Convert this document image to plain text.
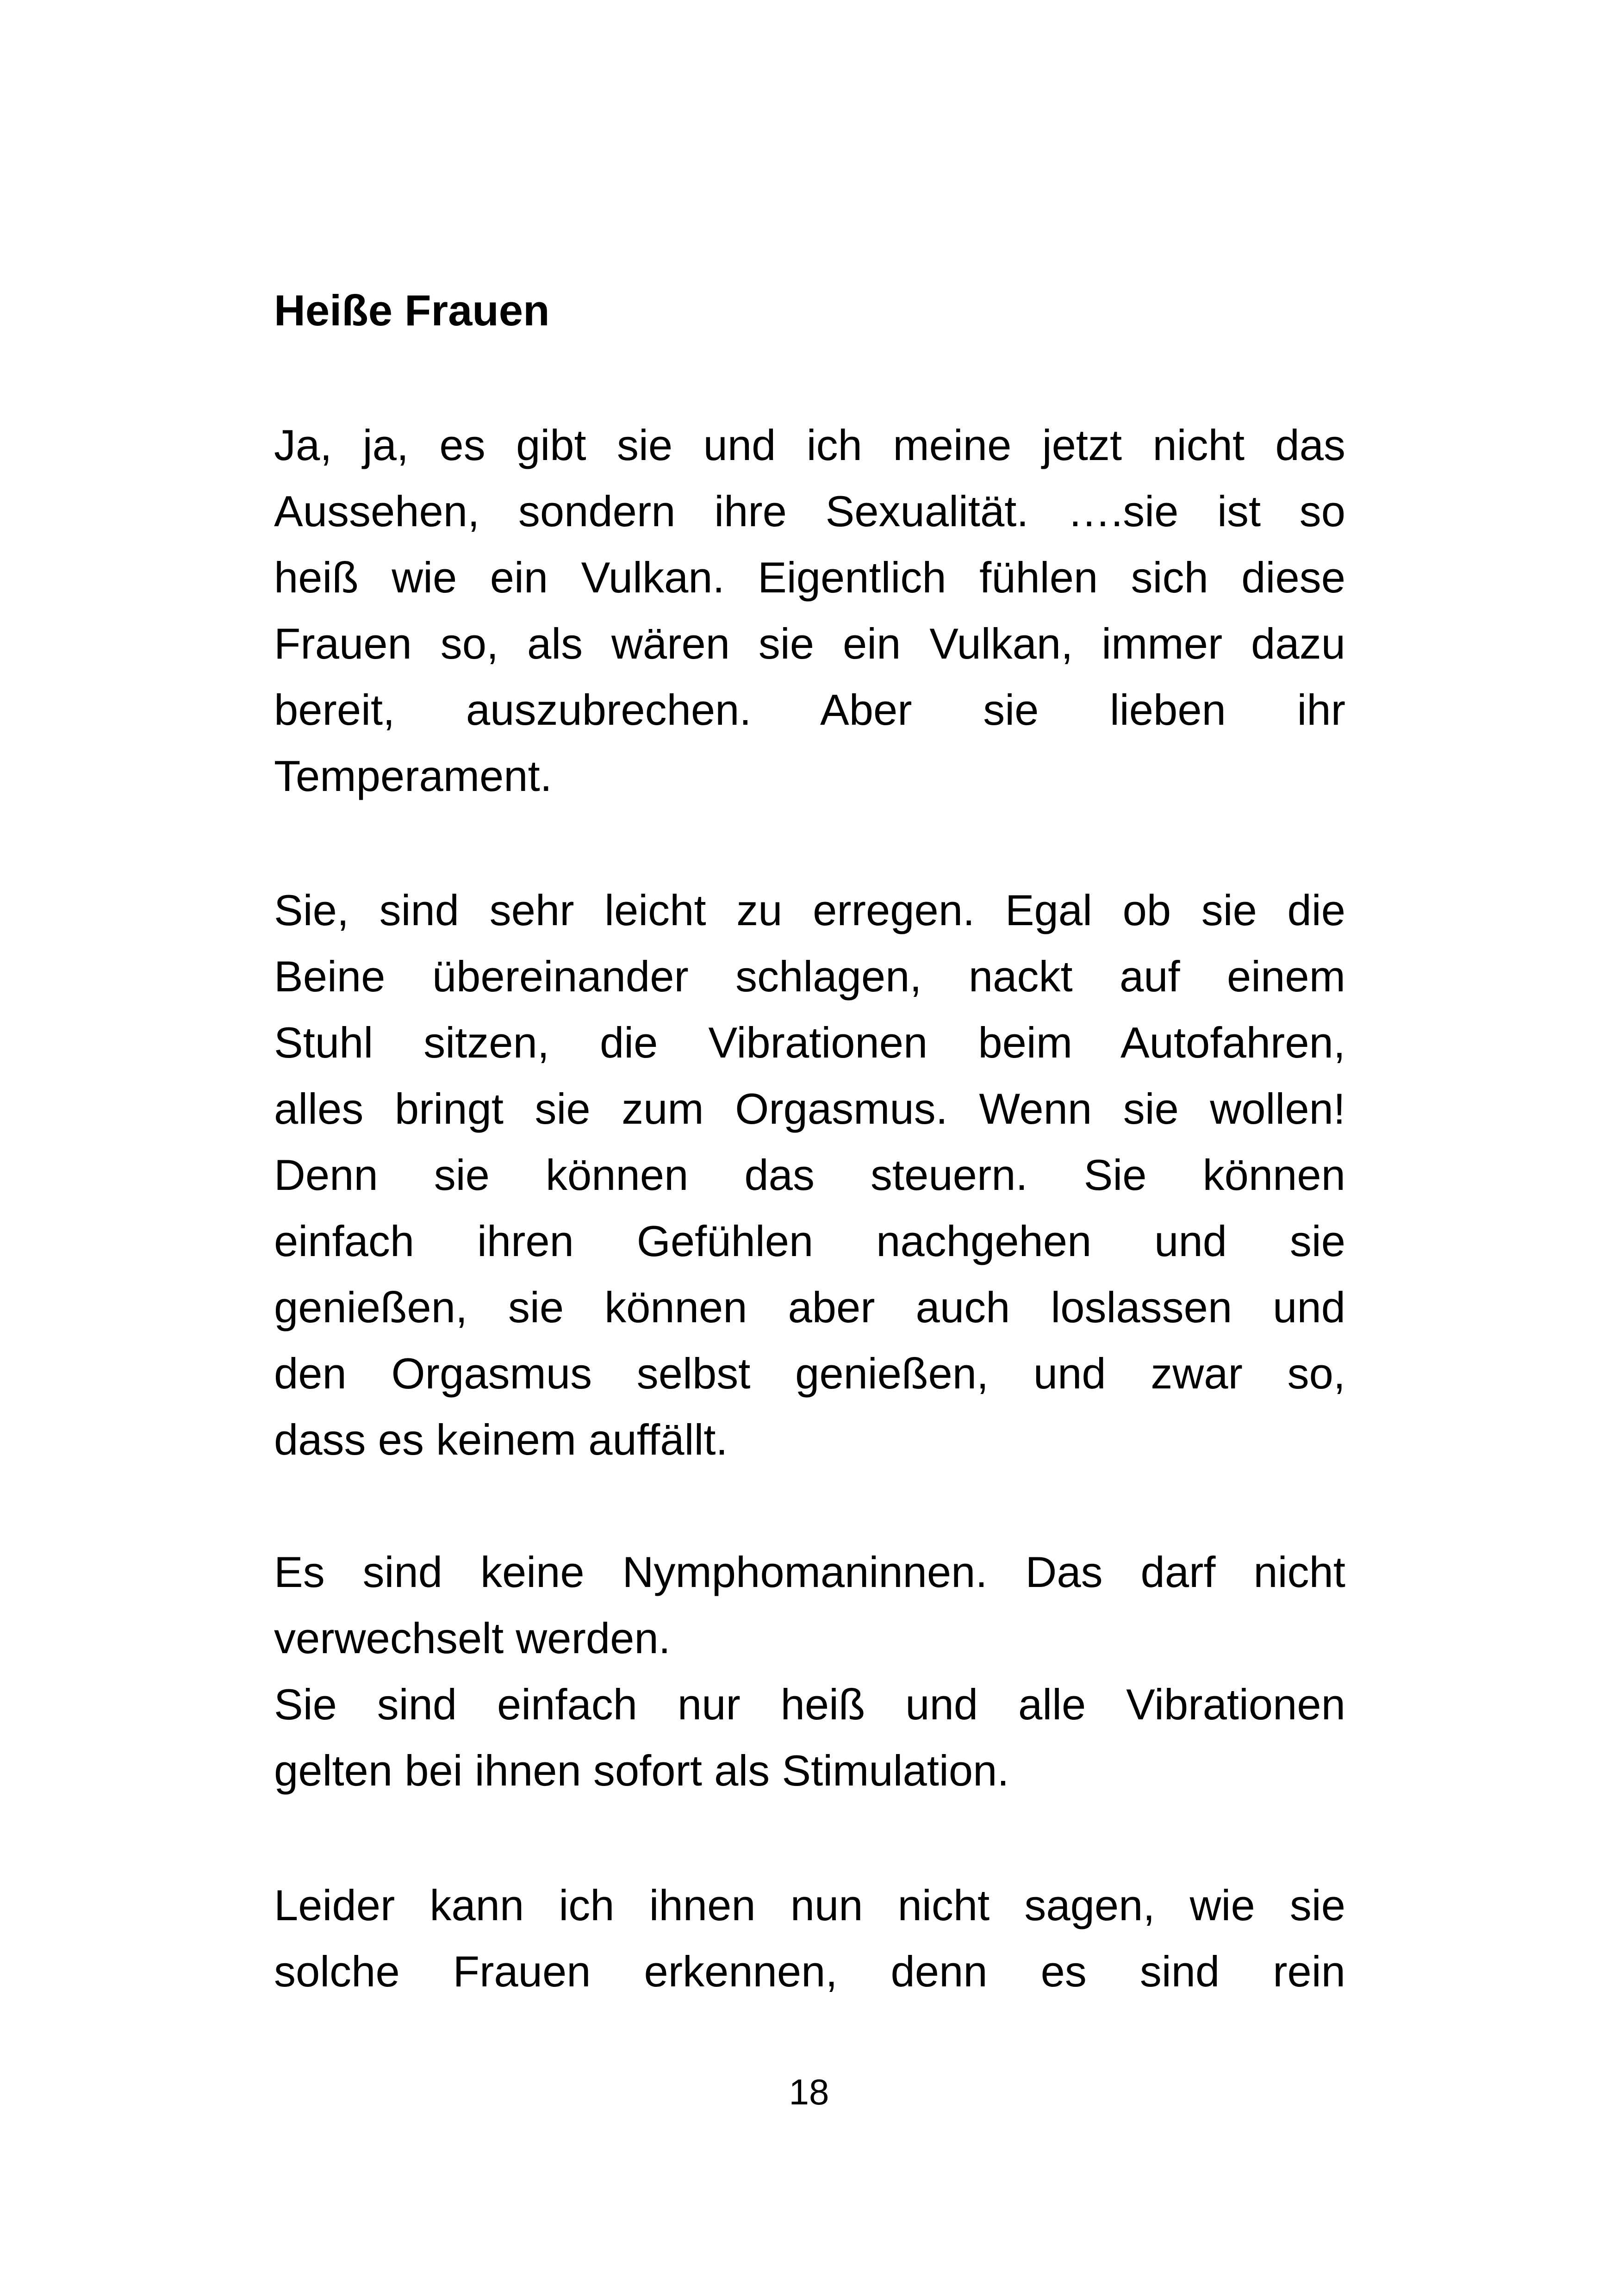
Heiße Frauen
Ja, ja, es gibt sie und ich meine jetzt nicht das
Aussehen, sondern ihre Sexualität. ….sie ist so
heiß wie ein Vulkan. Eigentlich fühlen sich diese
Frauen so, als wären sie ein Vulkan, immer dazu
bereit, auszubrechen. Aber sie lieben ihr
Temperament.
Sie, sind sehr leicht zu erregen. Egal ob sie die
Beine übereinander schlagen, nackt auf einem
Stuhl sitzen, die Vibrationen beim Autofahren,
alles bringt sie zum Orgasmus. Wenn sie wollen!
Denn sie können das steuern. Sie können
einfach ihren Gefühlen nachgehen und sie
genießen, sie können aber auch loslassen und
den Orgasmus selbst genießen, und zwar so,
dass es keinem auffällt.
Es sind keine Nymphomaninnen. Das darf nicht
verwechselt werden.
Sie sind einfach nur heiß und alle Vibrationen
gelten bei ihnen sofort als Stimulation.
Leider kann ich ihnen nun nicht sagen, wie sie
solche Frauen erkennen, denn es sind rein
18
